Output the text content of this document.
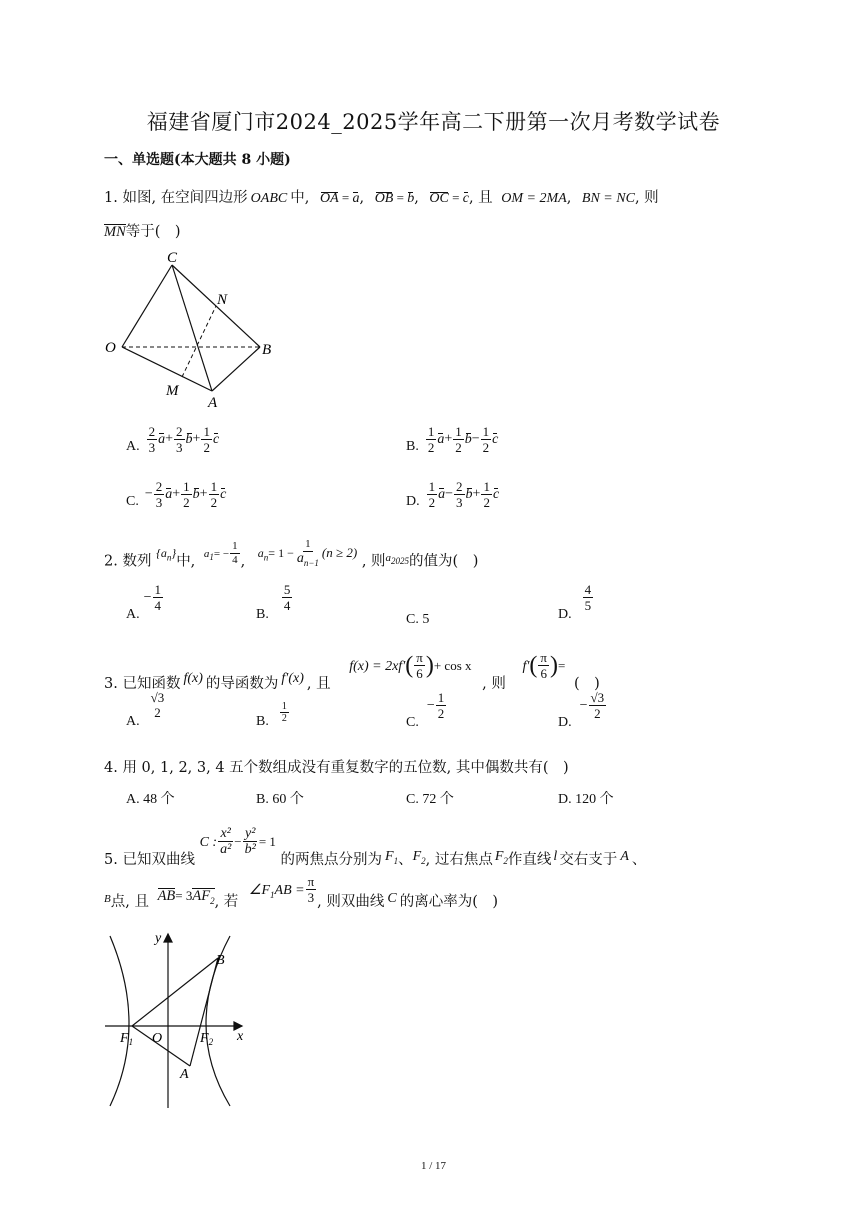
福建省厦门市2024_2025学年高二下册第一次月考数学试卷
一、单选题(本大题共 8 小题)
1. 如图, 在空间四边形 OABC 中, OA = a, OB = b, OC = c, 且 OM = 2MA, BN = NC, 则
MN等于(　)
C
N
O	B
M
A
A. $\frac{2}{3} a+ \frac{2}{3} b+ \frac{1}{2}$ c	B. $\frac{1}{2} a+ \frac{1}{2} b- \frac{1}{2}$ c
C. − $\frac{2}{3} a+ \frac{1}{2} b+ \frac{1}{2}$ c	D. $\frac{1}{2} a- \frac{2}{3} b+ \frac{1}{2}$ c
2. 数列 $^{\{a_n\}}$中, $^{a_1= -} \frac{1}{4}$ , $^{a_n= 1 -} \frac{1}{a_{n-1}} (n \ge 2)$ , 则$^{a_{2025}}$的值为(　)
$A.- \frac{1}{4}$
B.
$\frac{5}{4}$
C. 5	D.
$\frac{4}{5}$
3. 已知函数 f(x) 的导函数为 f′(x) , 且 $f(x) = 2xf'( \frac{\pi}{6}$ )+ cos x , 则 $f'( \frac{\pi}{6}$ )= (　)
A.
√3
2
B. $\frac{1}{2}$	$C.- \frac{1}{2}$
$D.- \frac{√3}{2}$
4. 用 0, 1, 2, 3, 4 五个数组成没有重复数字的五位数, 其中偶数共有(　)
A. 48 个	B. 60 个	C. 72 个	D. 120 个
5. 已知双曲线 C : $\frac{\text{x²}}{\text{a²}} - \frac{\text{y²}}{\text{b²}} = 1$ 的两焦点分别为 $F_1$、$F_2$, 过右焦点 $F_2$作直线 l 交右支于 A 、
B点, 且 $AB= 3AF_2$, 若 $\angle F_1AB = \frac{\pi}{3}$ , 则双曲线 C 的离心率为(　)
y
B
$F_1$ O	$F_2$ x
A
1 / 17
